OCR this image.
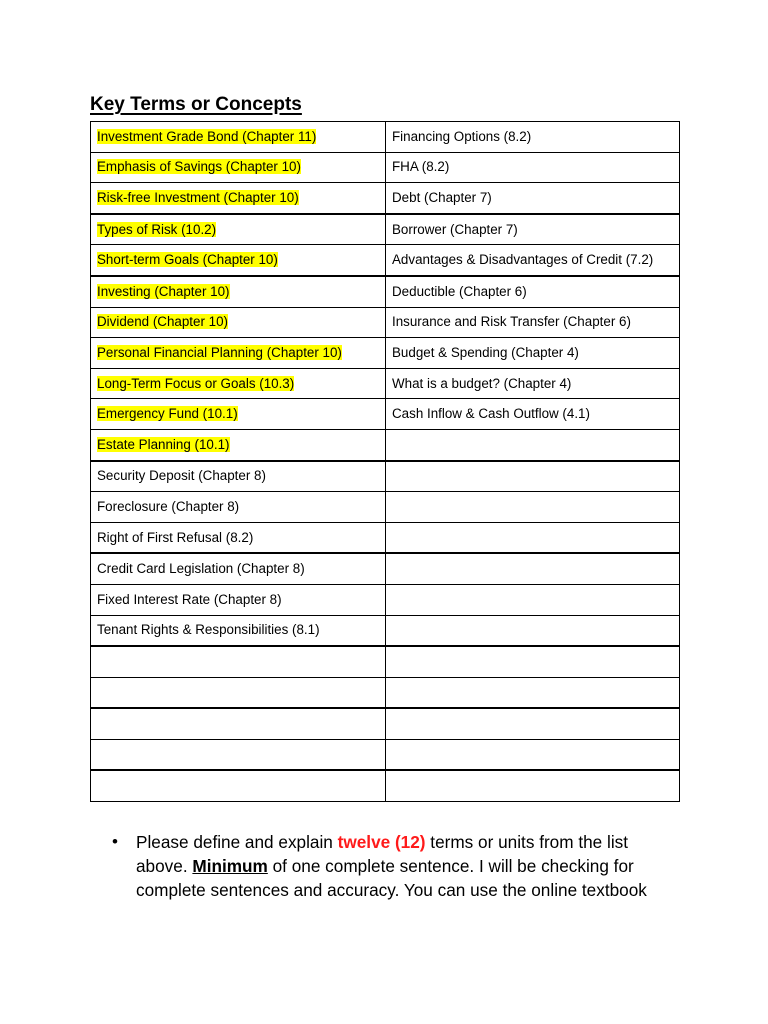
Key Terms or Concepts
Investment Grade Bond (Chapter 11)	Financing Options (8.2)
Emphasis of Savings (Chapter 10)	FHA (8.2)
Risk-free Investment (Chapter 10)	Debt (Chapter 7)
Types of Risk (10.2)	Borrower (Chapter 7)
Short-term Goals (Chapter 10)	Advantages & Disadvantages of Credit (7.2)
Investing (Chapter 10)	Deductible (Chapter 6)
Dividend (Chapter 10)	Insurance and Risk Transfer (Chapter 6)
Personal Financial Planning (Chapter 10)	Budget & Spending (Chapter 4)
Long-Term Focus or Goals (10.3)	What is a budget? (Chapter 4)
Emergency Fund (10.1)	Cash Inflow & Cash Outflow (4.1)
Estate Planning (10.1)	
Security Deposit (Chapter 8)	
Foreclosure (Chapter 8)	
Right of First Refusal (8.2)	
Credit Card Legislation (Chapter 8)	
Fixed Interest Rate (Chapter 8)	
Tenant Rights & Responsibilities (8.1)	

• Please define and explain twelve (12) terms or units from the list above. Minimum of one complete sentence. I will be checking for complete sentences and accuracy. You can use the online textbook
